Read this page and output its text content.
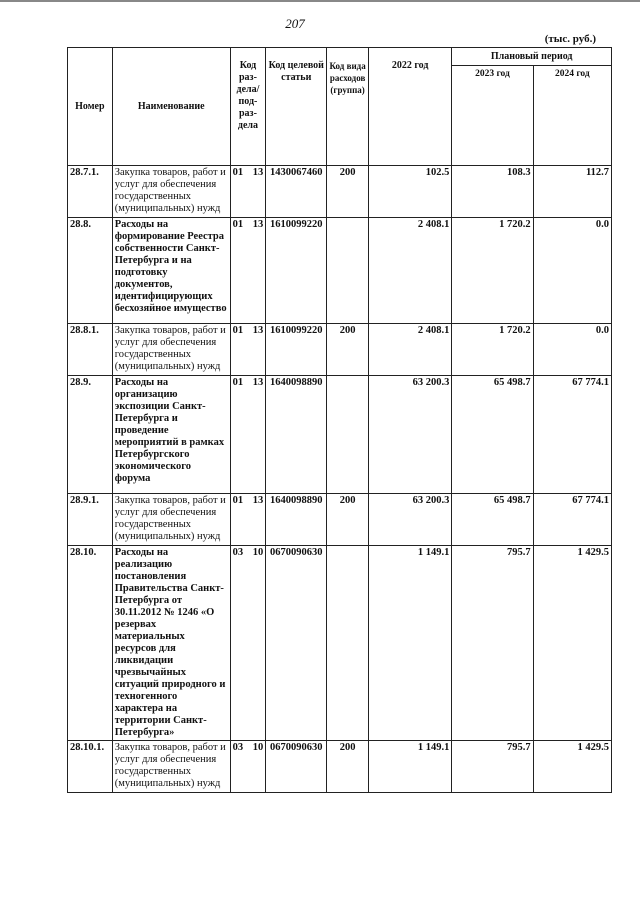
207
(тыс. руб.)
Номер	Наименование	Код раз-дела/ под-раз-дела	Код целевой статьи	Код вида расходов (группа)	2022 год	Плановый период	
						2023 год	2024 год
28.7.1.	Закупка товаров, работ и услуг для обеспечения государственных (муниципальных) нужд	01 13	1430067460	200	102.5	108.3	112.7
28.8.	Расходы на формирование Реестра собственности Санкт-Петербурга и на подготовку документов, идентифицирующих бесхозяйное имущество	01 13	1610099220		2 408.1	1 720.2	0.0
28.8.1.	Закупка товаров, работ и услуг для обеспечения государственных (муниципальных) нужд	01 13	1610099220	200	2 408.1	1 720.2	0.0
28.9.	Расходы на организацию экспозиции Санкт-Петербурга и проведение мероприятий в рамках Петербургского экономического форума	01 13	1640098890		63 200.3	65 498.7	67 774.1
28.9.1.	Закупка товаров, работ и услуг для обеспечения государственных (муниципальных) нужд	01 13	1640098890	200	63 200.3	65 498.7	67 774.1
28.10.	Расходы на реализацию постановления Правительства Санкт-Петербурга от 30.11.2012 № 1246 «О резервах материальных ресурсов для ликвидации чрезвычайных ситуаций природного и техногенного характера на территории Санкт-Петербурга»	03 10	0670090630		1 149.1	795.7	1 429.5
28.10.1.	Закупка товаров, работ и услуг для обеспечения государственных (муниципальных) нужд	03 10	0670090630	200	1 149.1	795.7	1 429.5
